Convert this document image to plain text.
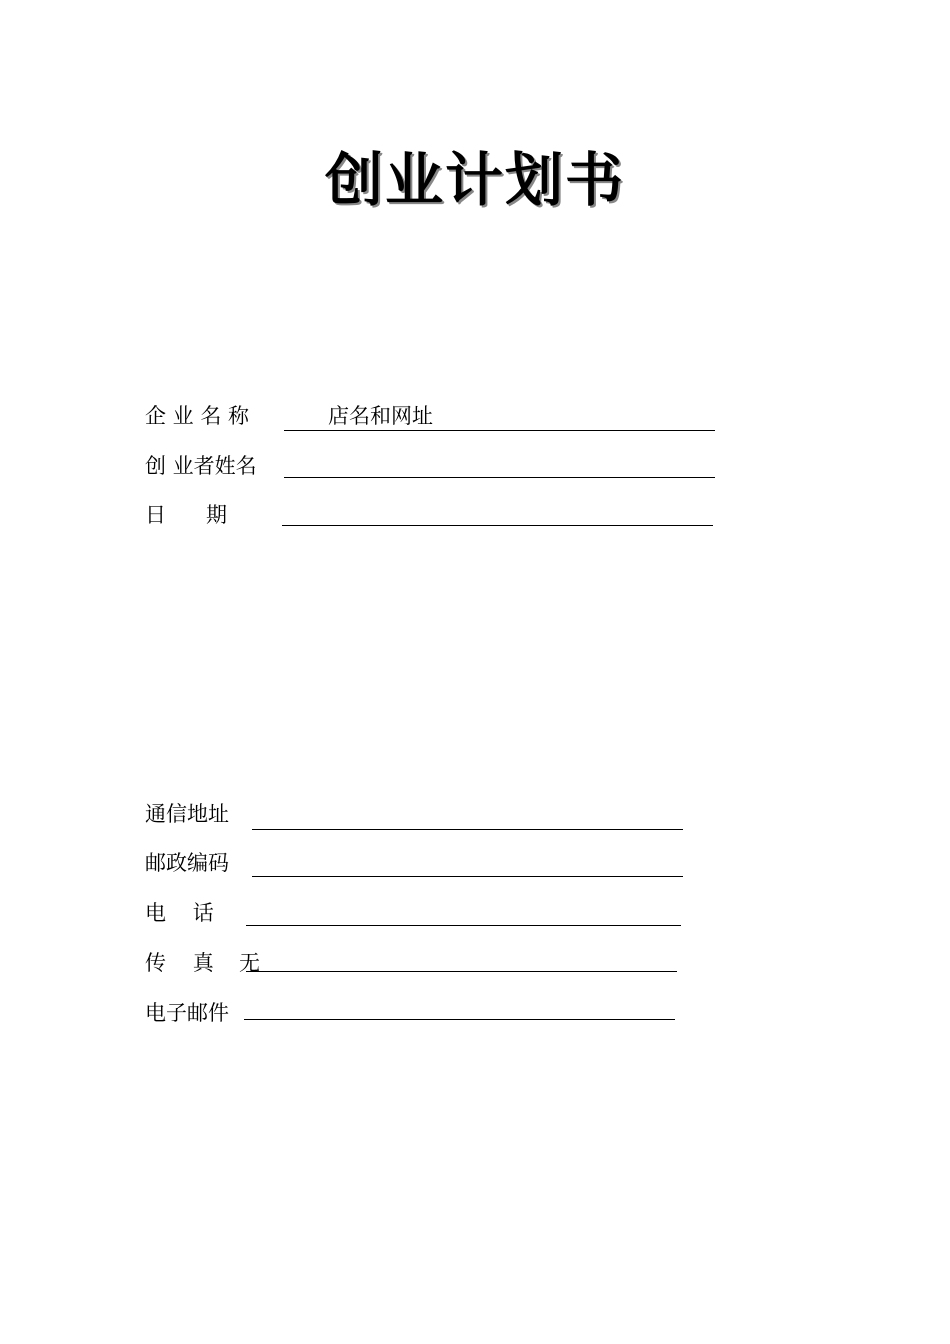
创业计划书
企 业 名 称	店名和网址
创 业者姓名
日      期
通信地址
邮政编码
电    话
传    真 无
电子邮件
